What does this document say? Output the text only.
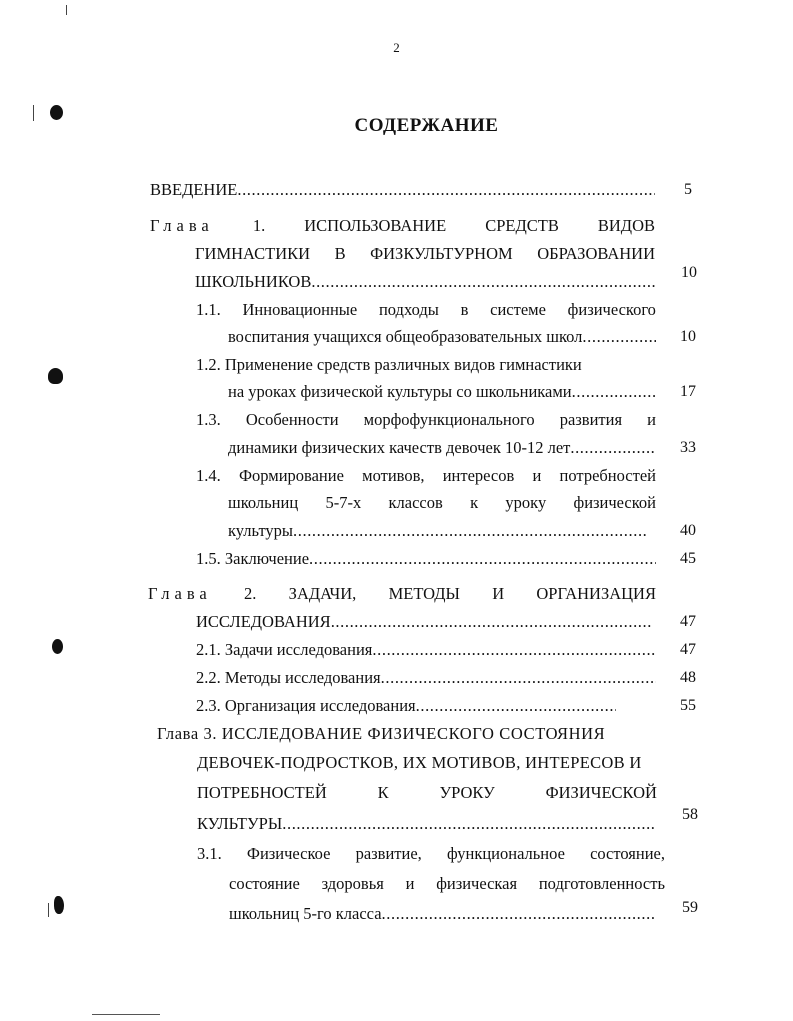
2
СОДЕРЖАНИЕ
ВВЕДЕНИЕ .....	5
Глава 1. ИСПОЛЬЗОВАНИЕ СРЕДСТВ ВИДОВ
ГИМНАСТИКИ В ФИЗКУЛЬТУРНОМ ОБРАЗОВАНИИ
ШКОЛЬНИКОВ .....	10
1.1. Инновационные подходы в системе физического
воспитания учащихся общеобразовательных школ .....	10
1.2. Применение средств различных видов гимнастики
на уроках физической культуры со школьниками .....	17
1.3. Особенности морфофункционального развития и
динамики физических качеств девочек 10-12 лет .....	33
1.4. Формирование мотивов, интересов и потребностей
школьниц 5-7-х классов к уроку физической
культуры .....	40
1.5. Заключение .....	45
Глава 2. ЗАДАЧИ, МЕТОДЫ И ОРГАНИЗАЦИЯ
ИССЛЕДОВАНИЯ .....	47
2.1. Задачи исследования .....	47
2.2. Методы исследования .....	48
2.3. Организация исследования .....	55
Глава 3. ИССЛЕДОВАНИЕ ФИЗИЧЕСКОГО СОСТОЯНИЯ
ДЕВОЧЕК-ПОДРОСТКОВ, ИХ МОТИВОВ, ИНТЕРЕСОВ И
ПОТРЕБНОСТЕЙ	К	УРОКУ	ФИЗИЧЕСКОЙ
КУЛЬТУРЫ .....	58
3.1. Физическое развитие, функциональное состояние,
состояние здоровья и физическая подготовленность
школьниц 5-го класса .....	59
